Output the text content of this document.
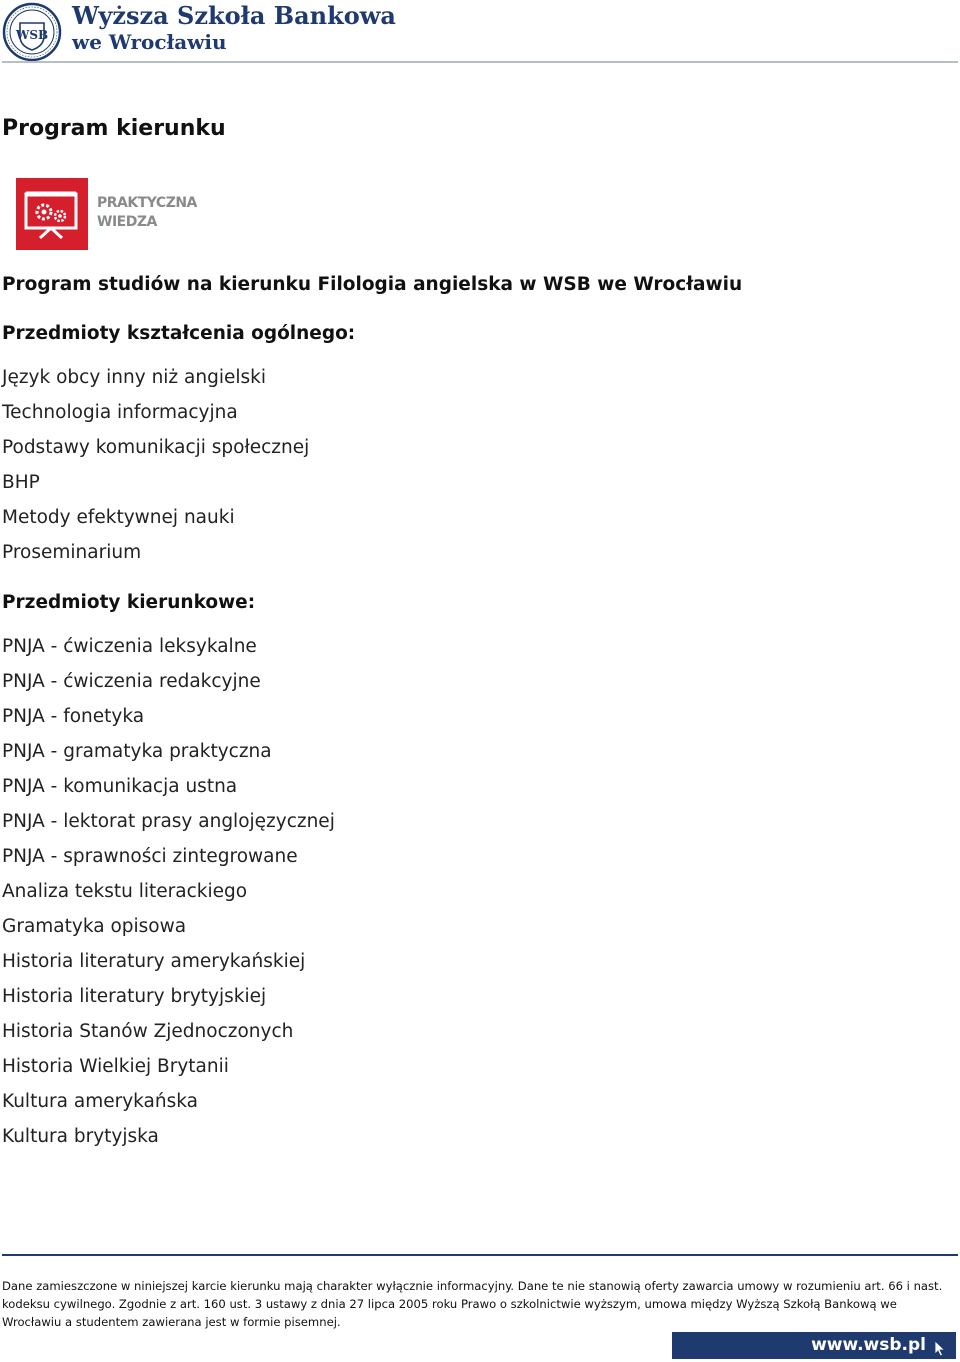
WSB
Wyższa Szkoła Bankowa
we Wrocławiu
Program kierunku
PRAKTYCZNA
WIEDZA
Program studiów na kierunku Filologia angielska w WSB we Wrocławiu
Przedmioty kształcenia ogólnego:
Język obcy inny niż angielski
Technologia informacyjna
Podstawy komunikacji społecznej
BHP
Metody efektywnej nauki
Proseminarium
Przedmioty kierunkowe:
PNJA - ćwiczenia leksykalne
PNJA - ćwiczenia redakcyjne
PNJA - fonetyka
PNJA - gramatyka praktyczna
PNJA - komunikacja ustna
PNJA - lektorat prasy anglojęzycznej
PNJA - sprawności zintegrowane
Analiza tekstu literackiego
Gramatyka opisowa
Historia literatury amerykańskiej
Historia literatury brytyjskiej
Historia Stanów Zjednoczonych
Historia Wielkiej Brytanii
Kultura amerykańska
Kultura brytyjska

Dane zamieszczone w niniejszej karcie kierunku mają charakter wyłącznie informacyjny. Dane te nie stanowią oferty zawarcia umowy w rozumieniu art. 66 i nast. kodeksu cywilnego. Zgodnie z art. 160 ust. 3 ustawy z dnia 27 lipca 2005 roku Prawo o szkolnictwie wyższym, umowa między Wyższą Szkołą Bankową we Wrocławiu a studentem zawierana jest w formie pisemnej.

www.wsb.pl
